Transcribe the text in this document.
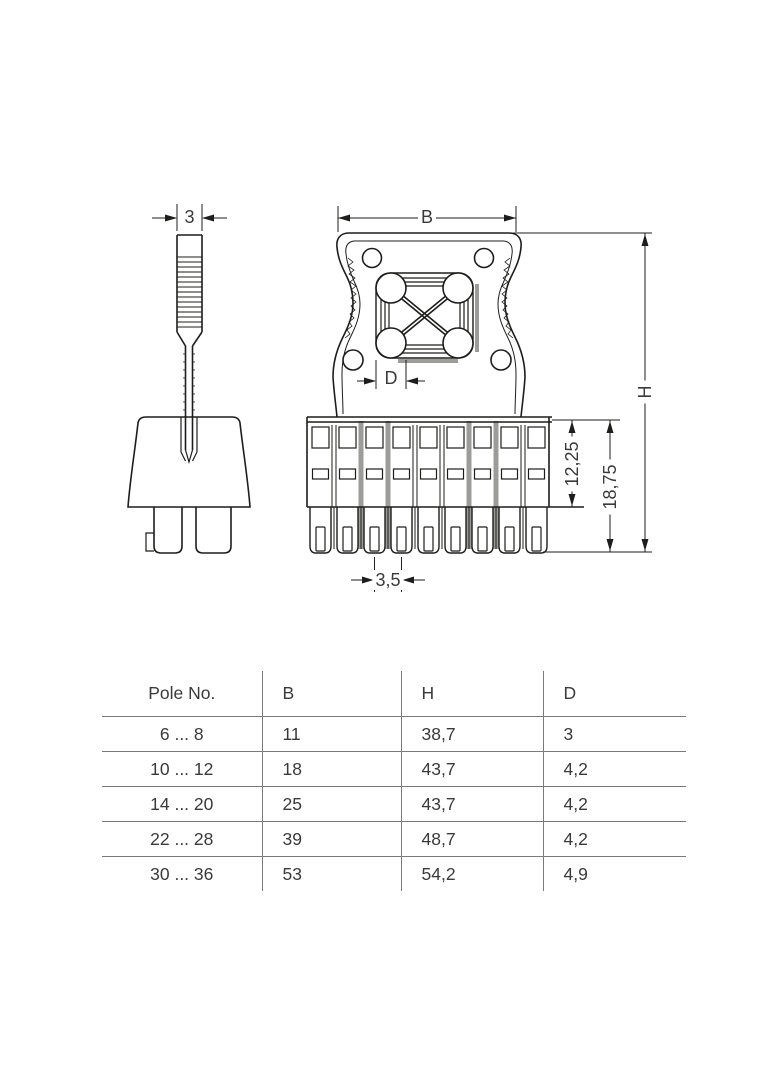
3	B
D
3,5
12,25
18,75
H
Pole No.	B	H	D
6 ... 8	11	38,7	3
10 ... 12	18	43,7	4,2
14 ... 20	25	43,7	4,2
22 ... 28	39	48,7	4,2
30 ... 36	53	54,2	4,9
